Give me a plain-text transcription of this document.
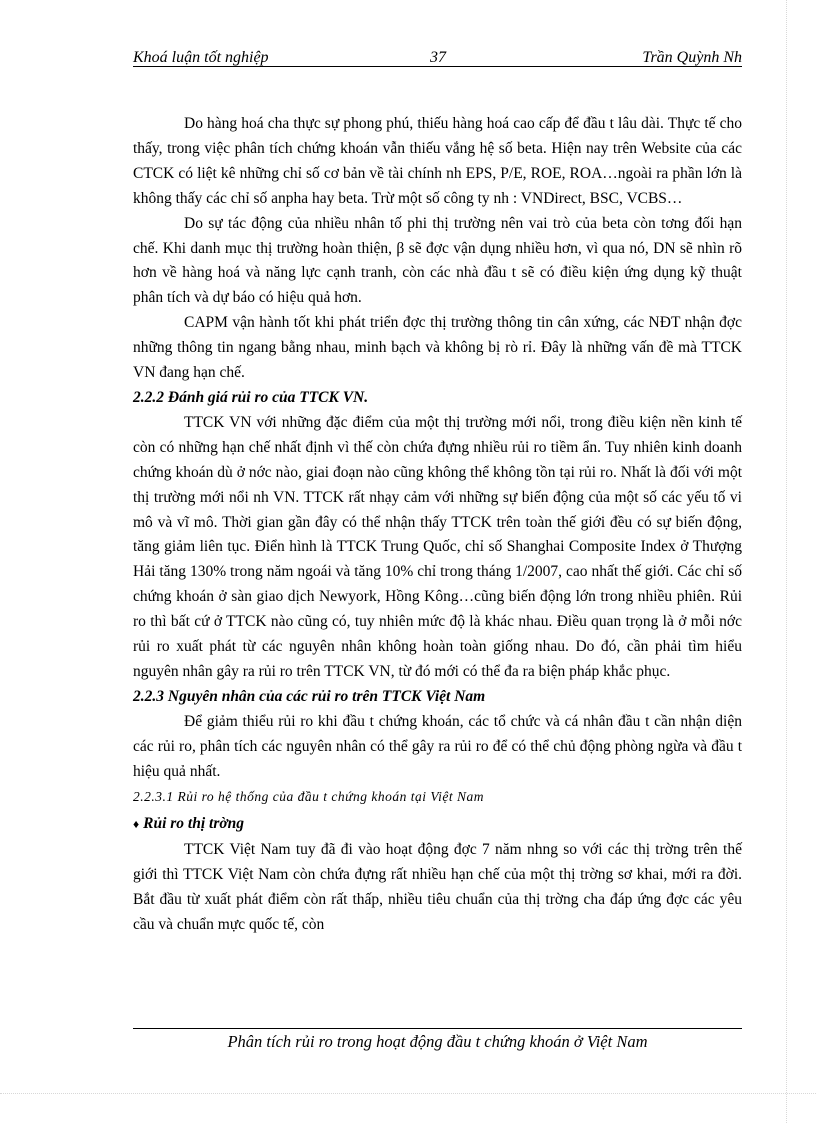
Khoá luận tốt nghiệp	37	Trần Quỳnh Nh

Do hàng hoá cha thực sự phong phú, thiếu hàng hoá cao cấp để đầu t lâu dài. Thực tế cho thấy, trong việc phân tích chứng khoán vẫn thiếu vắng hệ số beta. Hiện nay trên Website của các CTCK có liệt kê những chỉ số cơ bản về tài chính nh EPS, P/E, ROE, ROA…ngoài ra phần lớn là không thấy các chỉ số anpha hay beta. Trừ một số công ty nh : VNDirect, BSC, VCBS…

Do sự tác động của nhiều nhân tố phi thị trường nên vai trò của beta còn tơng đối hạn chế. Khi danh mục thị trường hoàn thiện, β sẽ đợc vận dụng nhiều hơn, vì qua nó, DN sẽ nhìn rõ hơn về hàng hoá và năng lực cạnh tranh, còn các nhà đầu t sẽ có điều kiện ứng dụng kỹ thuật phân tích và dự báo có hiệu quả hơn.

CAPM vận hành tốt khi phát triển đợc thị trường thông tin cân xứng, các NĐT nhận đợc những thông tin ngang bằng nhau, minh bạch và không bị rò rỉ. Đây là những vấn đề mà TTCK VN đang hạn chế.

2.2.2 Đánh giá rủi ro của TTCK VN.

TTCK VN với những đặc điểm của một thị trường mới nổi, trong điều kiện nền kinh tế còn có những hạn chế nhất định vì thế còn chứa đựng nhiều rủi ro tiềm ẩn. Tuy nhiên kinh doanh chứng khoán dù ở nớc nào, giai đoạn nào cũng không thể không tồn tại rủi ro. Nhất là đối với một thị trường mới nổi nh VN. TTCK rất nhạy cảm với những sự biến động của một số các yếu tố vi mô và vĩ mô. Thời gian gần đây có thể nhận thấy TTCK trên toàn thế giới đều có sự biến động, tăng giảm liên tục. Điển hình là TTCK Trung Quốc, chỉ số Shanghai Composite Index ở Thượng Hải tăng 130% trong năm ngoái và tăng 10% chỉ trong tháng 1/2007, cao nhất thế giới. Các chỉ số chứng khoán ở sàn giao dịch Newyork, Hồng Kông…cũng biến động lớn trong nhiều phiên. Rủi ro thì bất cứ ở TTCK nào cũng có, tuy nhiên mức độ là khác nhau. Điều quan trọng là ở mỗi nớc rủi ro xuất phát từ các nguyên nhân không hoàn toàn giống nhau. Do đó, cần phải tìm hiểu nguyên nhân gây ra rủi ro trên TTCK VN, từ đó mới có thể đa ra biện pháp khắc phục.

2.2.3 Nguyên nhân của các rủi ro trên TTCK Việt Nam

Để giảm thiểu rủi ro khi đầu t chứng khoán, các tổ chức và cá nhân đầu t cần nhận diện các rủi ro, phân tích các nguyên nhân có thể gây ra rủi ro để có thể chủ động phòng ngừa và đầu t hiệu quả nhất.

2.2.3.1 Rủi ro hệ thống của đầu t chứng khoán tại Việt Nam

♦ Rủi ro thị trờng

TTCK Việt Nam tuy đã đi vào hoạt động đợc 7 năm nhng so với các thị trờng trên thế giới thì TTCK Việt Nam còn chứa đựng rất nhiều hạn chế của một thị trờng sơ khai, mới ra đời. Bắt đầu từ xuất phát điểm còn rất thấp, nhiều tiêu chuẩn của thị trờng cha đáp ứng đợc các yêu cầu và chuẩn mực quốc tế, còn

Phân tích rủi ro trong hoạt động đầu t chứng khoán ở Việt Nam
